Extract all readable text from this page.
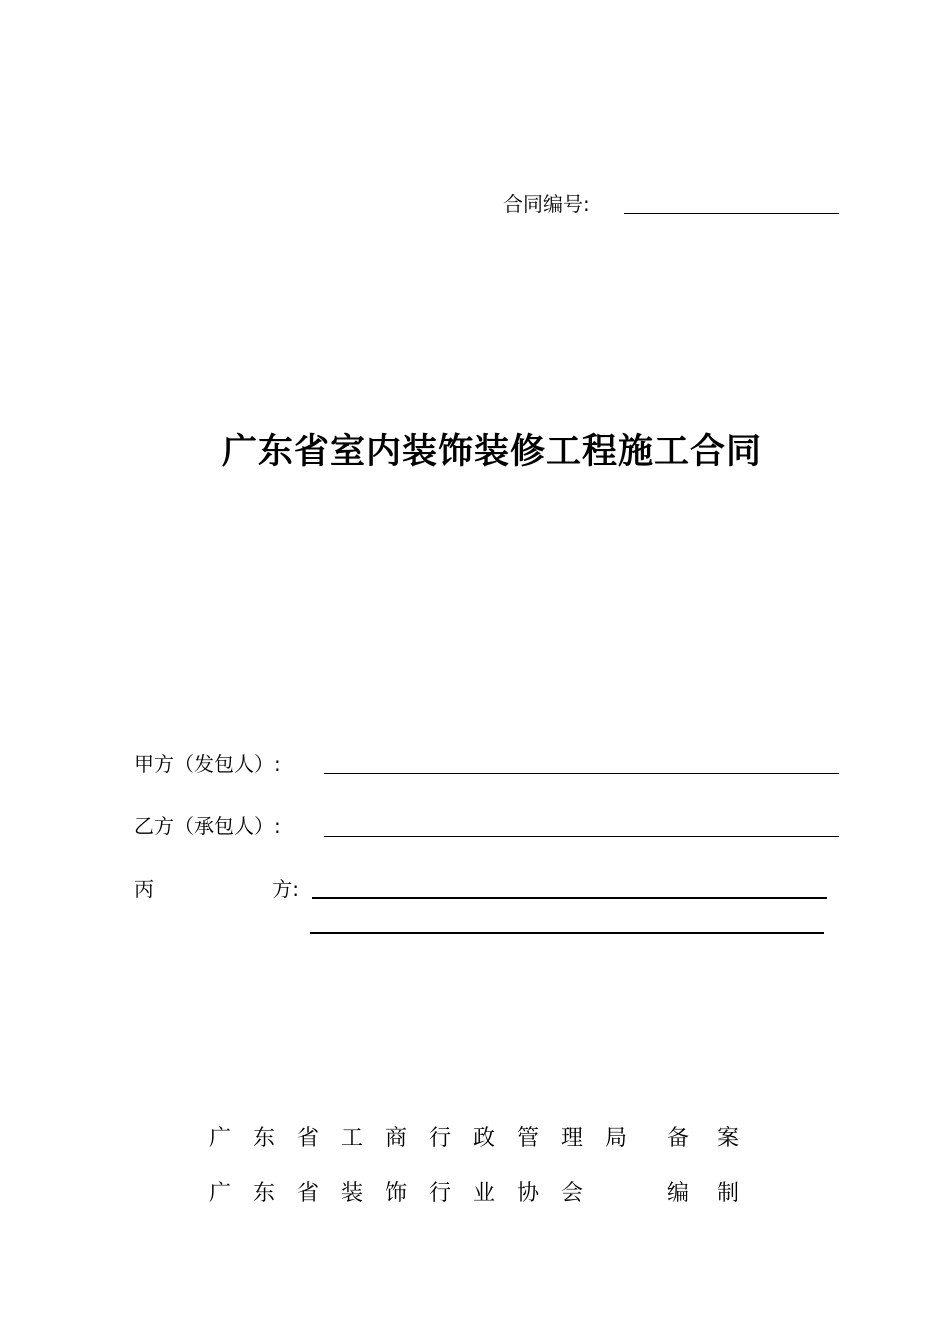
合同编号:
广东省室内装饰装修工程施工合同
甲方（发包人）:
乙方（承包人）:
丙	方:
广东省工商行政管理局 备案
广东省装饰行业协会	编制
